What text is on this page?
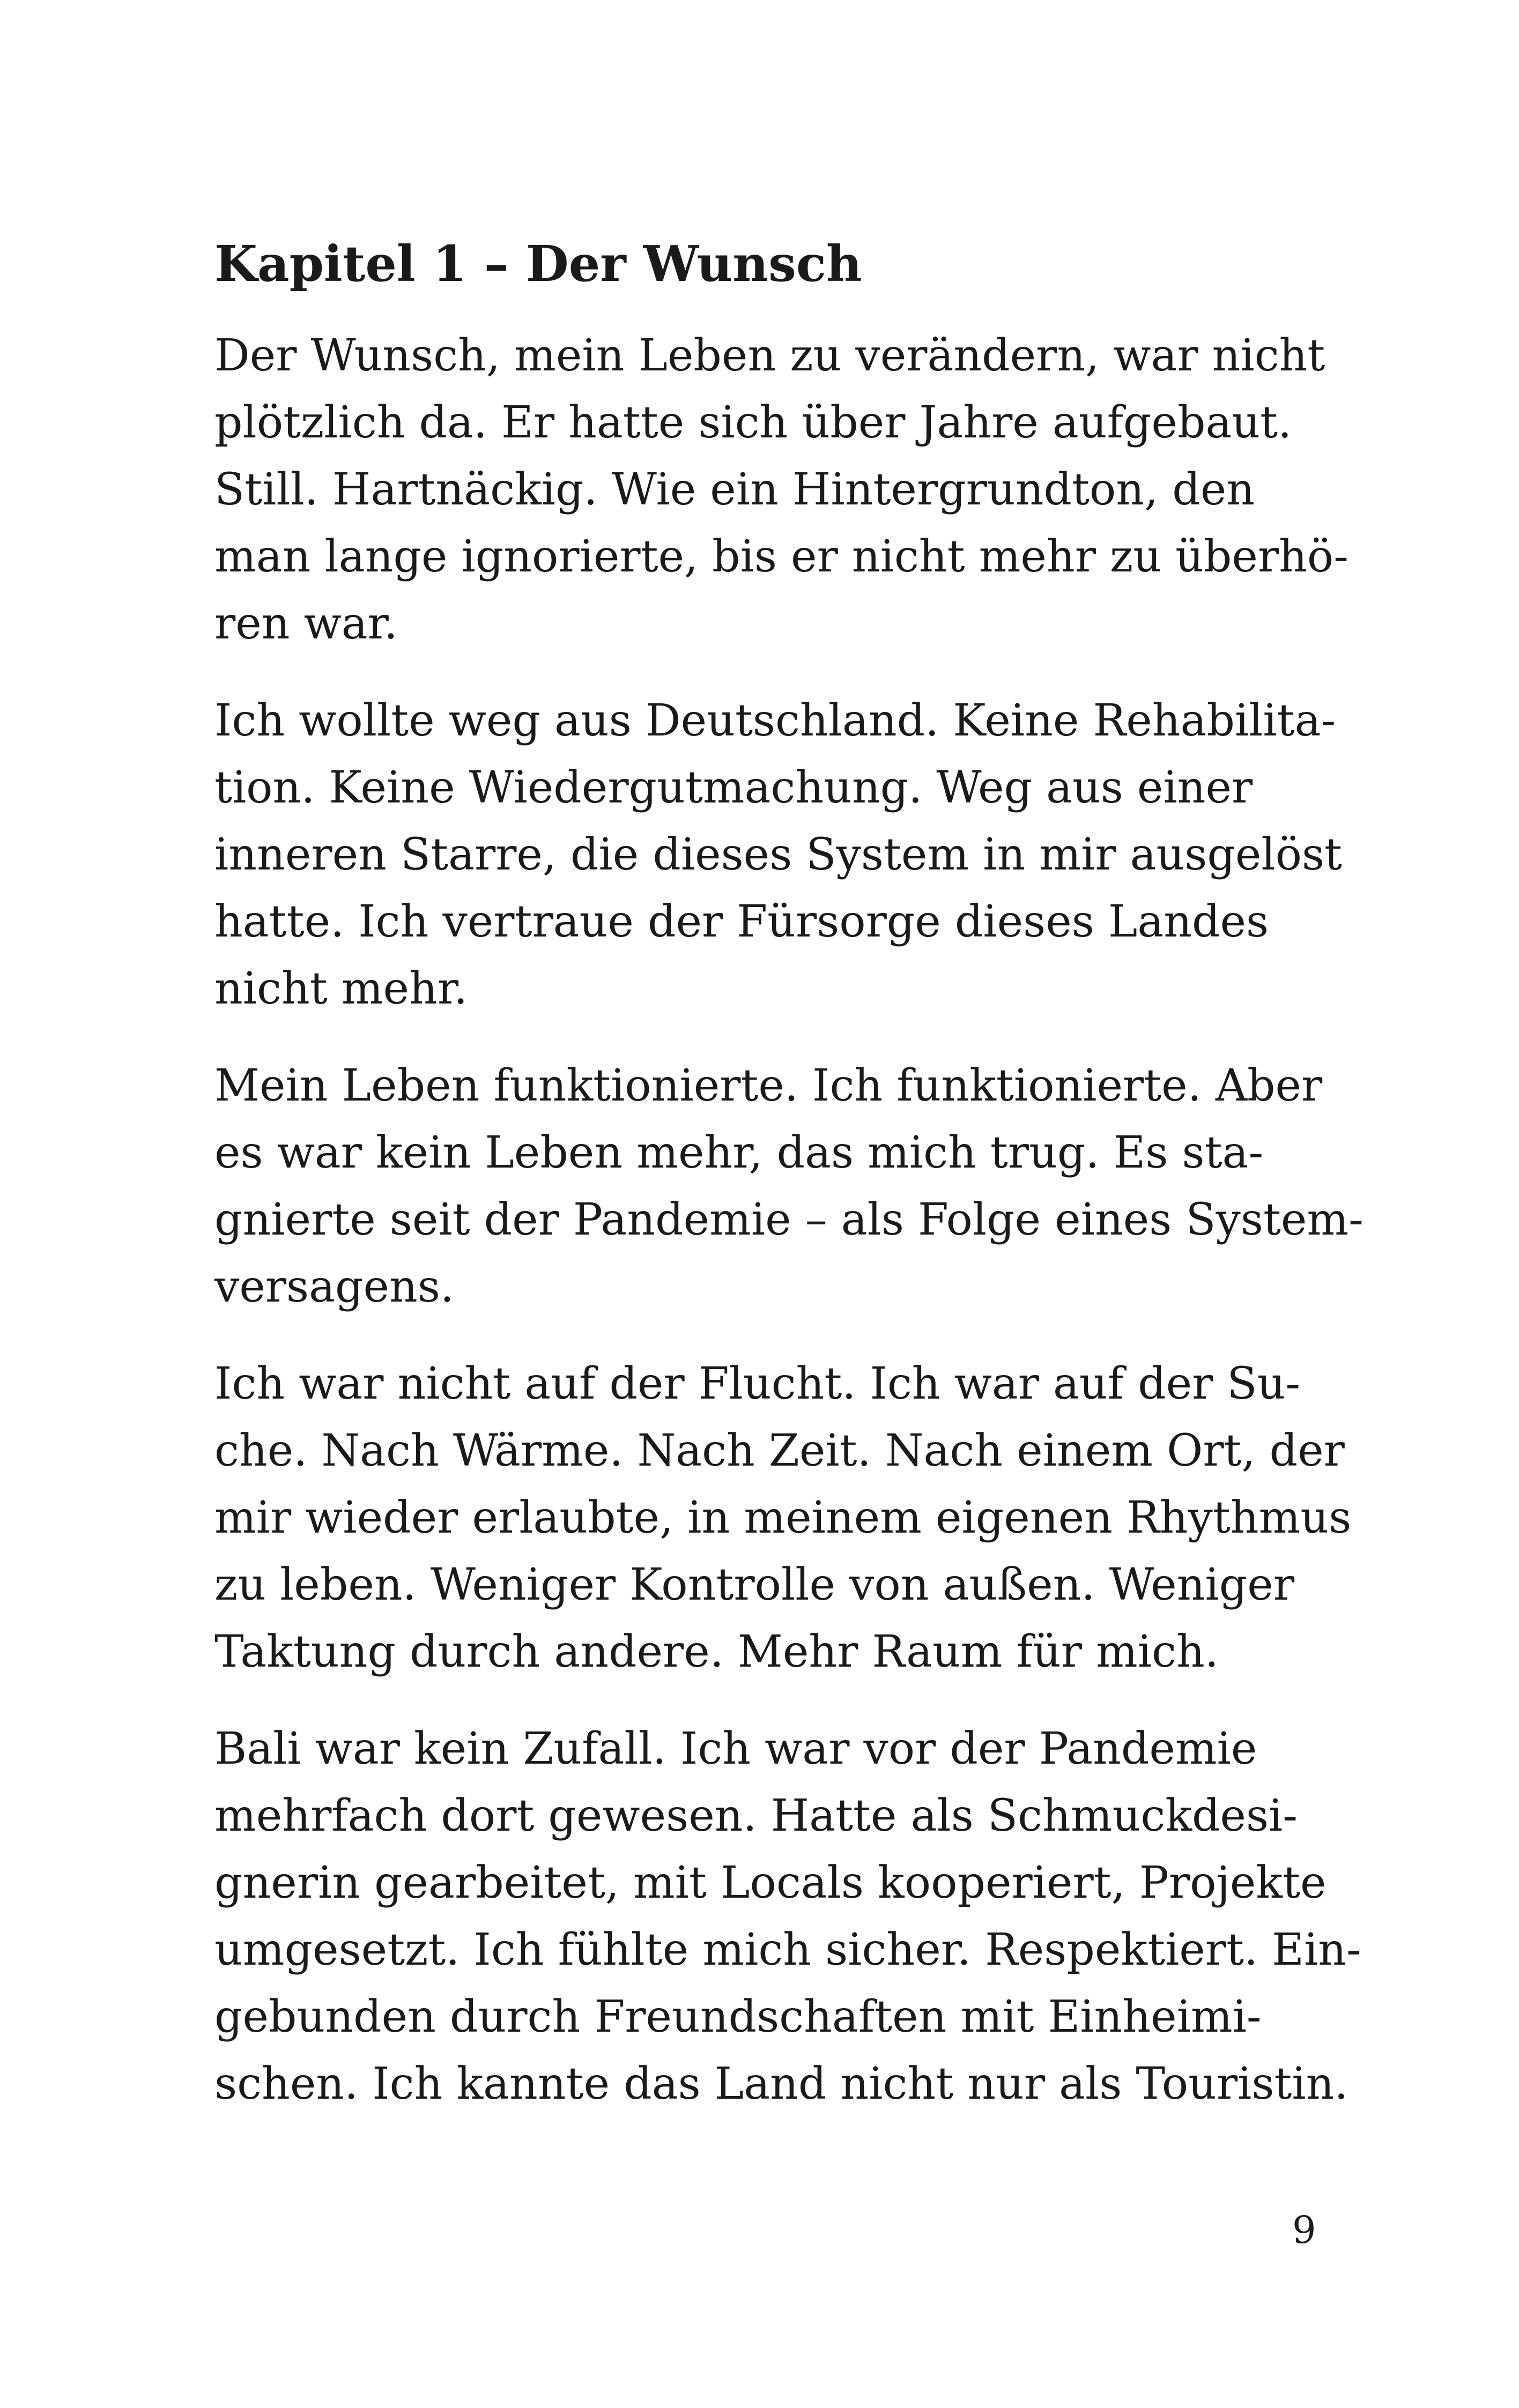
Kapitel 1 – Der Wunsch
Der Wunsch, mein Leben zu verändern, war nicht
plötzlich da. Er hatte sich über Jahre aufgebaut.
Still. Hartnäckig. Wie ein Hintergrundton, den
man lange ignorierte, bis er nicht mehr zu überhö-
ren war.
Ich wollte weg aus Deutschland. Keine Rehabilita-
tion. Keine Wiedergutmachung. Weg aus einer
inneren Starre, die dieses System in mir ausgelöst
hatte. Ich vertraue der Fürsorge dieses Landes
nicht mehr.
Mein Leben funktionierte. Ich funktionierte. Aber
es war kein Leben mehr, das mich trug. Es sta-
gnierte seit der Pandemie – als Folge eines System-
versagens.
Ich war nicht auf der Flucht. Ich war auf der Su-
che. Nach Wärme. Nach Zeit. Nach einem Ort, der
mir wieder erlaubte, in meinem eigenen Rhythmus
zu leben. Weniger Kontrolle von außen. Weniger
Taktung durch andere. Mehr Raum für mich.
Bali war kein Zufall. Ich war vor der Pandemie
mehrfach dort gewesen. Hatte als Schmuckdesi-
gnerin gearbeitet, mit Locals kooperiert, Projekte
umgesetzt. Ich fühlte mich sicher. Respektiert. Ein-
gebunden durch Freundschaften mit Einheimi-
schen. Ich kannte das Land nicht nur als Touristin.
9
